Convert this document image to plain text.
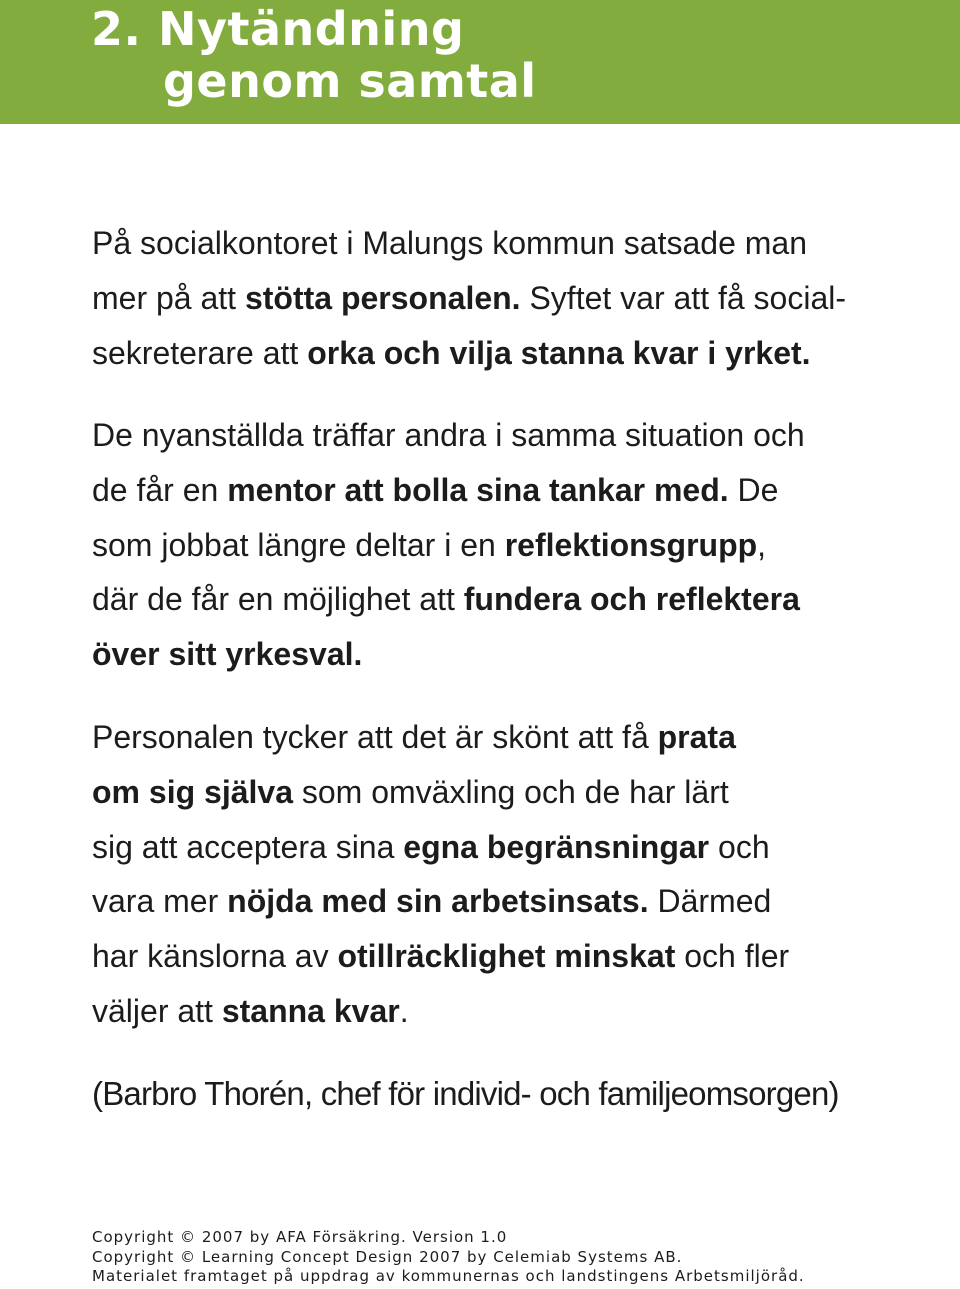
2. Nytändning
genom samtal
På socialkontoret i Malungs kommun satsade man
mer på att stötta personalen. Syftet var att få social-
sekreterare att orka och vilja stanna kvar i yrket.
De nyanställda träffar andra i samma situation och
de får en mentor att bolla sina tankar med. De
som jobbat längre deltar i en reflektionsgrupp,
där de får en möjlighet att fundera och reflektera
över sitt yrkesval.
Personalen tycker att det är skönt att få prata
om sig själva som omväxling och de har lärt
sig att acceptera sina egna begränsningar och
vara mer nöjda med sin arbetsinsats. Därmed
har känslorna av otillräcklighet minskat och fler
väljer att stanna kvar.
(Barbro Thorén, chef för individ- och familjeomsorgen)
Copyright © 2007 by AFA Försäkring. Version 1.0
Copyright © Learning Concept Design 2007 by Celemiab Systems AB.
Materialet framtaget på uppdrag av kommunernas och landstingens Arbetsmiljöråd.
